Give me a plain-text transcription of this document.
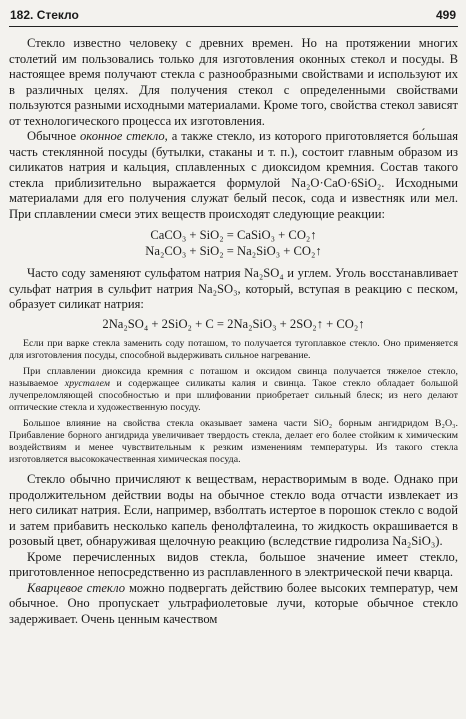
182. Стекло	499

Стекло известно человеку с древних времен. Но на протяжении многих столетий им пользовались только для изготовления оконных стекол и посуды. В настоящее время получают стекла с разнообразными свойствами и используют их в различных целях. Для получения стекол с определенными свойствами пользуются разными исходными материалами. Кроме того, свойства стекол зависят от технологического процесса их изготовления.

Обычное оконное стекло, а также стекло, из которого приготовляется бо́льшая часть стеклянной посуды (бутылки, стаканы и т. п.), состоит главным образом из силикатов натрия и кальция, сплавленных с диоксидом кремния. Состав такого стекла приблизительно выражается формулой Na₂O·CaO·6SiO₂. Исходными материалами для его получения служат белый песок, сода и известняк или мел. При сплавлении смеси этих веществ происходят следующие реакции:

CaCO₃ + SiO₂ = CaSiO₃ + CO₂↑

Na₂CO₃ + SiO₂ = Na₂SiO₃ + CO₂↑

Часто соду заменяют сульфатом натрия Na₂SO₄ и углем. Уголь восстанавливает сульфат натрия в сульфит натрия Na₂SO₃, который, вступая в реакцию с песком, образует силикат натрия:

2Na₂SO₄ + 2SiO₂ + C = 2Na₂SiO₃ + 2SO₂↑ + CO₂↑

Если при варке стекла заменить соду поташом, то получается тугоплавкое стекло. Оно применяется для изготовления посуды, способной выдерживать сильное нагревание.

При сплавлении диоксида кремния с поташом и оксидом свинца получается тяжелое стекло, называемое хрусталем и содержащее силикаты калия и свинца. Такое стекло обладает большой лучепреломляющей способностью и при шлифовании приобретает сильный блеск; из него делают оптические стекла и художественную посуду.

Большое влияние на свойства стекла оказывает замена части SiO₂ борным ангидридом B₂O₃. Прибавление борного ангидрида увеличивает твердость стекла, делает его более стойким к химическим воздействиям и менее чувствительным к резким изменениям температуры. Из такого стекла изготовляется высококачественная химическая посуда.

Стекло обычно причисляют к веществам, нерастворимым в воде. Однако при продолжительном действии воды на обычное стекло вода отчасти извлекает из него силикат натрия. Если, например, взболтать истертое в порошок стекло с водой и затем прибавить несколько капель фенолфталеина, то жидкость окрашивается в розовый цвет, обнаруживая щелочную реакцию (вследствие гидролиза Na₂SiO₃).

Кроме перечисленных видов стекла, большое значение имеет стекло, приготовленное непосредственно из расплавленного в электрической печи кварца.

Кварцевое стекло можно подвергать действию более высоких температур, чем обычное. Оно пропускает ультрафиолетовые лучи, которые обычное стекло задерживает. Очень ценным качеством
